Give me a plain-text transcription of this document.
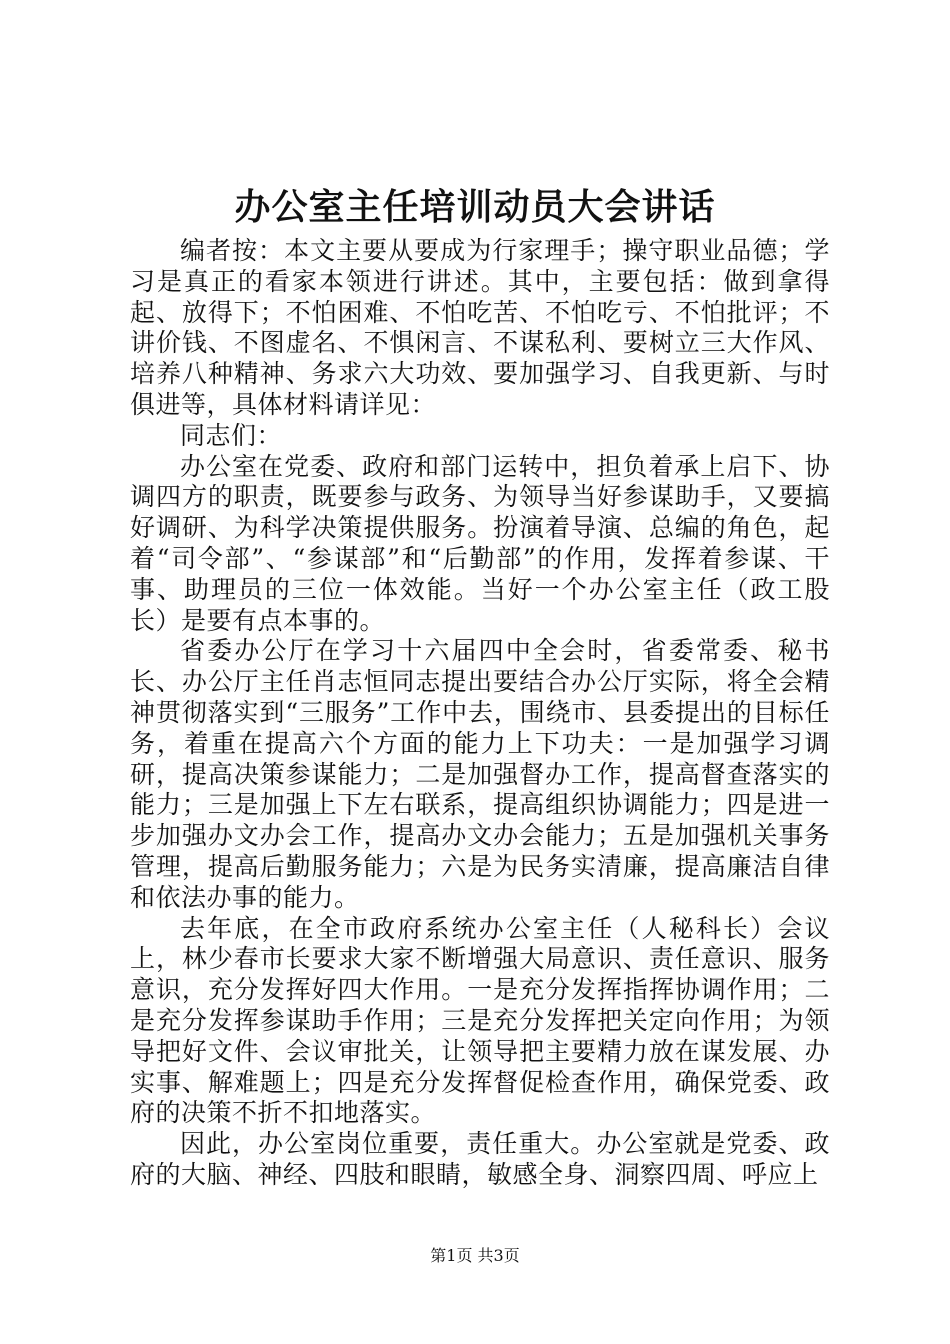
办公室主任培训动员大会讲话

编者按：本文主要从要成为行家理手；操守职业品德；学习是真正的看家本领进行讲述。其中，主要包括：做到拿得起、放得下；不怕困难、不怕吃苦、不怕吃亏、不怕批评；不讲价钱、不图虚名、不惧闲言、不谋私利、要树立三大作风、培养八种精神、务求六大功效、要加强学习、自我更新、与时俱进等，具体材料请详见：

同志们：

办公室在党委、政府和部门运转中，担负着承上启下、协调四方的职责，既要参与政务、为领导当好参谋助手，又要搞好调研、为科学决策提供服务。扮演着导演、总编的角色，起着“司令部”、“参谋部”和“后勤部”的作用，发挥着参谋、干事、助理员的三位一体效能。当好一个办公室主任（政工股长）是要有点本事的。

省委办公厅在学习十六届四中全会时，省委常委、秘书长、办公厅主任肖志恒同志提出要结合办公厅实际，将全会精神贯彻落实到“三服务”工作中去，围绕市、县委提出的目标任务，着重在提高六个方面的能力上下功夫：一是加强学习调研，提高决策参谋能力；二是加强督办工作，提高督查落实的能力；三是加强上下左右联系，提高组织协调能力；四是进一步加强办文办会工作，提高办文办会能力；五是加强机关事务管理，提高后勤服务能力；六是为民务实清廉，提高廉洁自律和依法办事的能力。

去年底，在全市政府系统办公室主任（人秘科长）会议上，林少春市长要求大家不断增强大局意识、责任意识、服务意识，充分发挥好四大作用。一是充分发挥指挥协调作用；二是充分发挥参谋助手作用；三是充分发挥把关定向作用；为领导把好文件、会议审批关，让领导把主要精力放在谋发展、办实事、解难题上；四是充分发挥督促检查作用，确保党委、政府的决策不折不扣地落实。

因此，办公室岗位重要，责任重大。办公室就是党委、政府的大脑、神经、四肢和眼睛，敏感全身、洞察四周、呼应上

第1页 共3页
